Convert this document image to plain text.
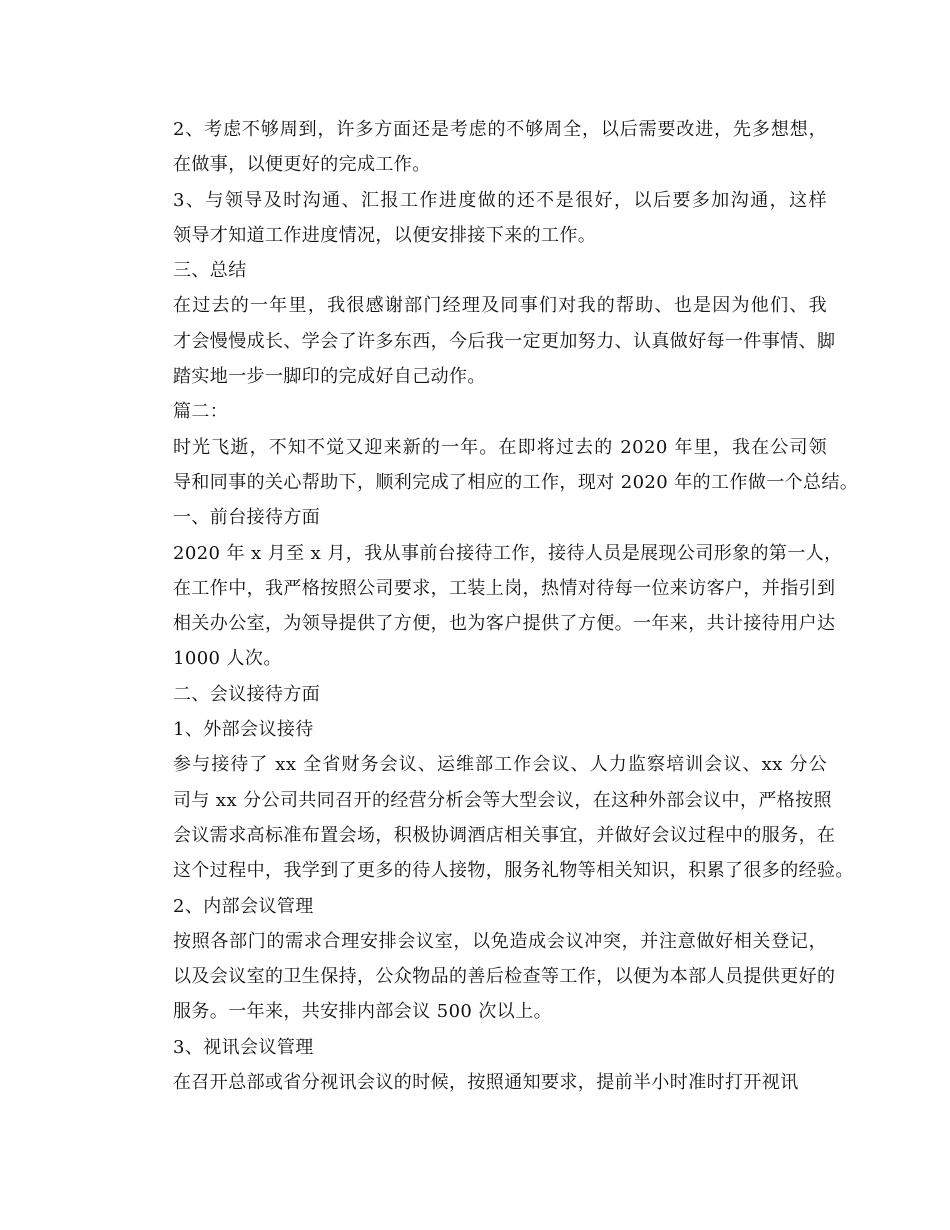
2、考虑不够周到，许多方面还是考虑的不够周全，以后需要改进，先多想想，
在做事，以便更好的完成工作。
3、与领导及时沟通、汇报工作进度做的还不是很好，以后要多加沟通，这样
领导才知道工作进度情况，以便安排接下来的工作。
三、总结
在过去的一年里，我很感谢部门经理及同事们对我的帮助、也是因为他们、我
才会慢慢成长、学会了许多东西，今后我一定更加努力、认真做好每一件事情、脚
踏实地一步一脚印的完成好自己动作。
篇二：
时光飞逝，不知不觉又迎来新的一年。在即将过去的 2020 年里，我在公司领
导和同事的关心帮助下，顺利完成了相应的工作，现对 2020 年的工作做一个总结。
一、前台接待方面
2020 年 x 月至 x 月，我从事前台接待工作，接待人员是展现公司形象的第一人，
在工作中，我严格按照公司要求，工装上岗，热情对待每一位来访客户，并指引到
相关办公室，为领导提供了方便，也为客户提供了方便。一年来，共计接待用户达
1000 人次。
二、会议接待方面
1、外部会议接待
参与接待了 xx 全省财务会议、运维部工作会议、人力监察培训会议、xx 分公
司与 xx 分公司共同召开的经营分析会等大型会议，在这种外部会议中，严格按照
会议需求高标准布置会场，积极协调酒店相关事宜，并做好会议过程中的服务，在
这个过程中，我学到了更多的待人接物，服务礼物等相关知识，积累了很多的经验。
2、内部会议管理
按照各部门的需求合理安排会议室，以免造成会议冲突，并注意做好相关登记，
以及会议室的卫生保持，公众物品的善后检查等工作，以便为本部人员提供更好的
服务。一年来，共安排内部会议 500 次以上。
3、视讯会议管理
在召开总部或省分视讯会议的时候，按照通知要求，提前半小时准时打开视讯
